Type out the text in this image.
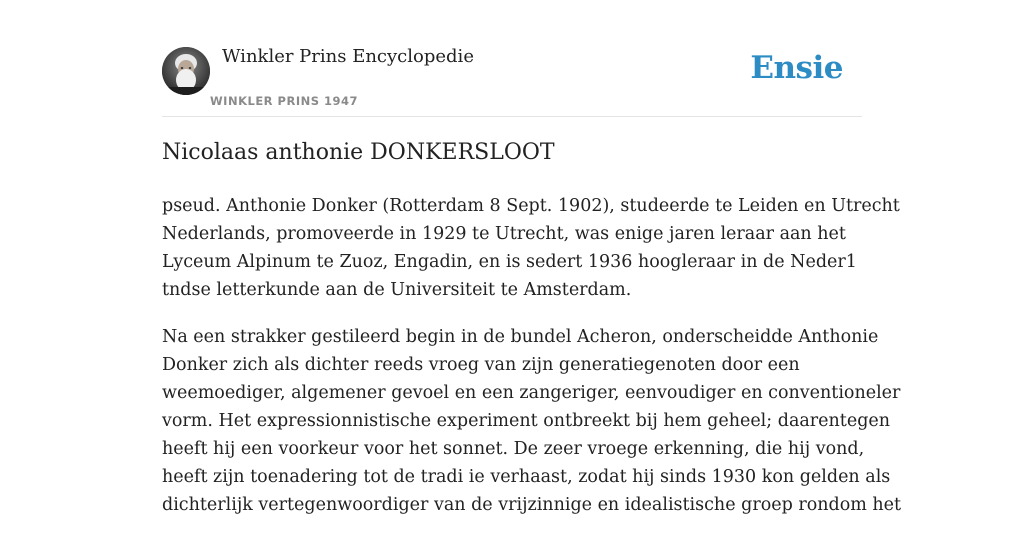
Winkler Prins Encyclopedie
WINKLER PRINS 1947
Ensie
Nicolaas anthonie DONKERSLOOT

pseud. Anthonie Donker (Rotterdam 8 Sept. 1902), studeerde te Leiden en Utrecht
Nederlands, promoveerde in 1929 te Utrecht, was enige jaren leraar aan het
Lyceum Alpinum te Zuoz, Engadin, en is sedert 1936 hoogleraar in de Neder1
tndse letterkunde aan de Universiteit te Amsterdam.

Na een strakker gestileerd begin in de bundel Acheron, onderscheidde Anthonie
Donker zich als dichter reeds vroeg van zijn generatiegenoten door een
weemoediger, algemener gevoel en een zangeriger, eenvoudiger en conventioneler
vorm. Het expressionnistische experiment ontbreekt bij hem geheel; daarentegen
heeft hij een voorkeur voor het sonnet. De zeer vroege erkenning, die hij vond,
heeft zijn toenadering tot de tradi ie verhaast, zodat hij sinds 1930 kon gelden als
dichterlijk vertegenwoordiger van de vrijzinnige en idealistische groep rondom het
